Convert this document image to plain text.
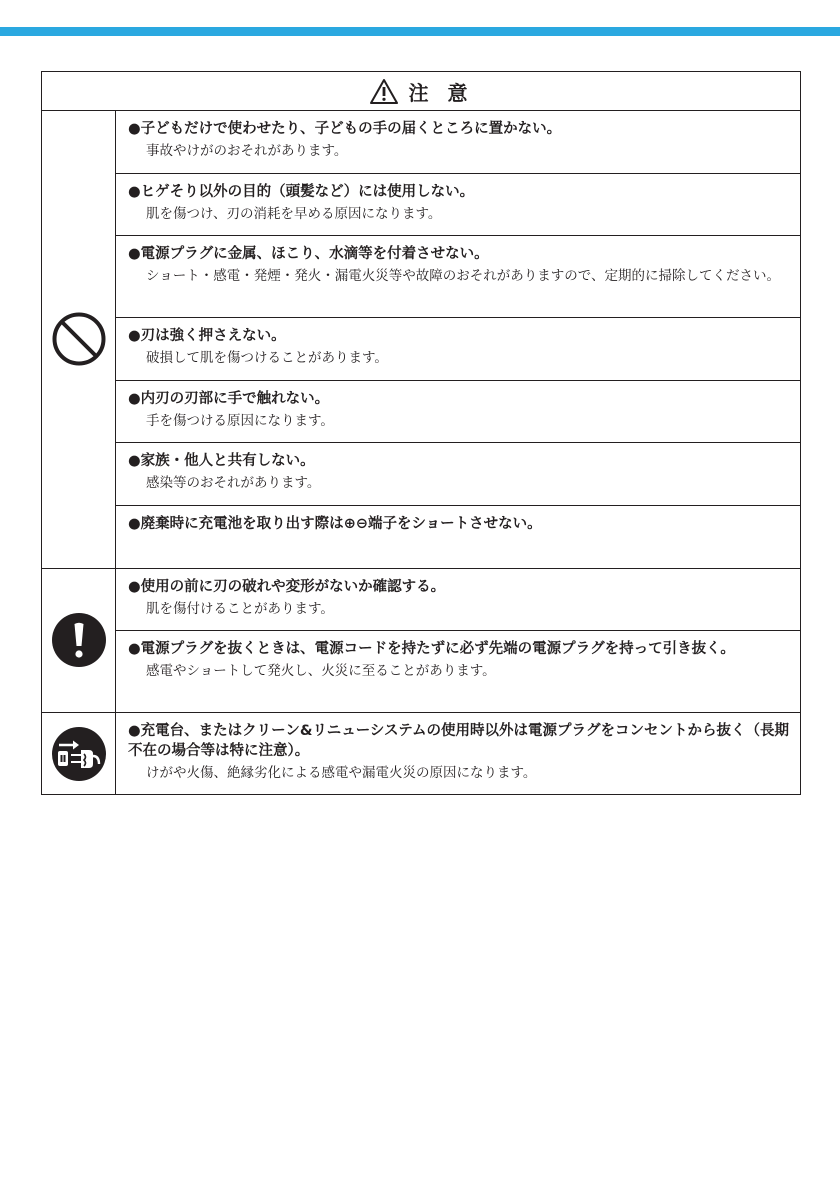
注 意
●子どもだけで使わせたり、子どもの手の届くところに置かない。
事故やけがのおそれがあります。
●ヒゲそり以外の目的（頭髪など）には使用しない。
肌を傷つけ、刃の消耗を早める原因になります。
●電源プラグに金属、ほこり、水滴等を付着させない。
ショート・感電・発煙・発火・漏電火災等や故障のおそれがありますので、定期的に掃除してください。
●刃は強く押さえない。
破損して肌を傷つけることがあります。
●内刃の刃部に手で触れない。
手を傷つける原因になります。
●家族・他人と共有しない。
感染等のおそれがあります。
●廃棄時に充電池を取り出す際は⊕⊖端子をショートさせない。
●使用の前に刃の破れや変形がないか確認する。
肌を傷付けることがあります。
●電源プラグを抜くときは、電源コードを持たずに必ず先端の電源プラグを持って引き抜く。
感電やショートして発火し、火災に至ることがあります。
●充電台、またはクリーン&リニューシステムの使用時以外は電源プラグをコンセントから抜く（長期不在の場合等は特に注意）。
けがや火傷、絶縁劣化による感電や漏電火災の原因になります。
